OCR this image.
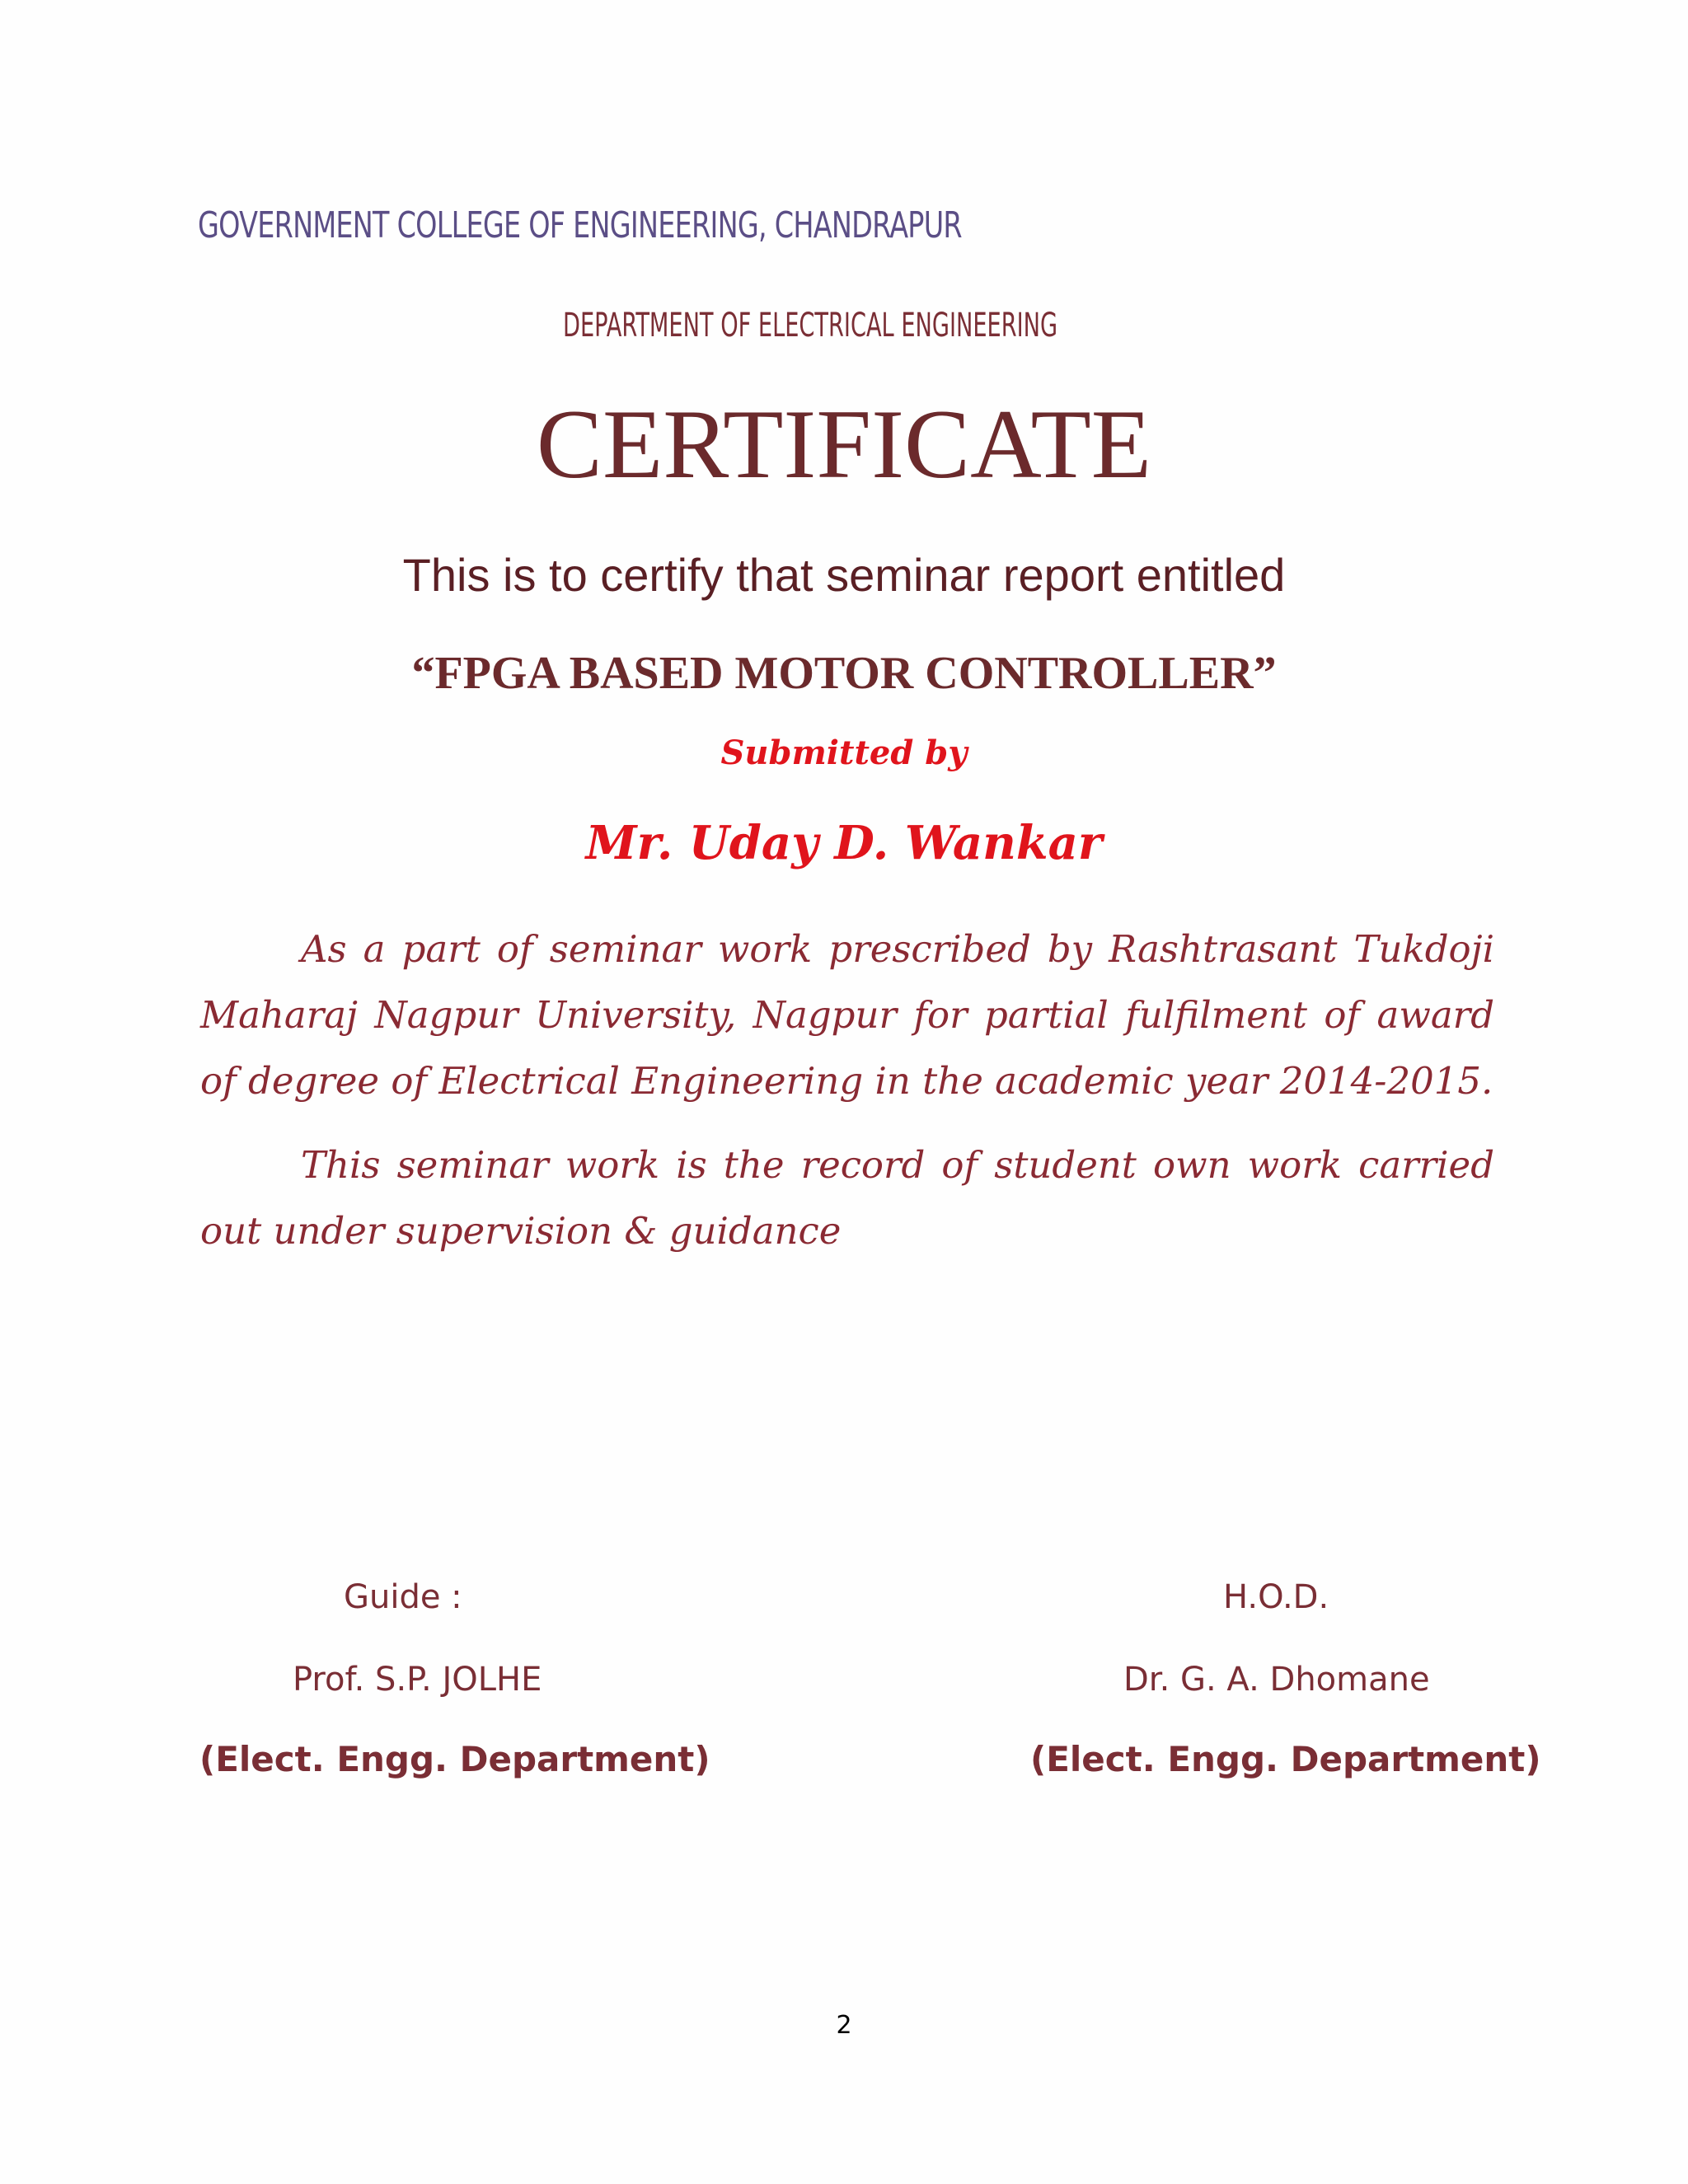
GOVERNMENT COLLEGE OF ENGINEERING, CHANDRAPUR
DEPARTMENT OF ELECTRICAL ENGINEERING
CERTIFICATE
This is to certify that seminar report entitled
“FPGA BASED MOTOR CONTROLLER”
Submitted by
Mr. Uday D. Wankar
As a part of seminar work prescribed by Rashtrasant Tukdoji Maharaj Nagpur University, Nagpur for partial fulfilment of award of degree of Electrical Engineering in the academic year 2014-2015.
This seminar work is the record of student own work carried out under supervision & guidance
Guide :
Prof. S.P. JOLHE
(Elect. Engg. Department)
H.O.D.
Dr. G. A. Dhomane
(Elect. Engg. Department)
2
